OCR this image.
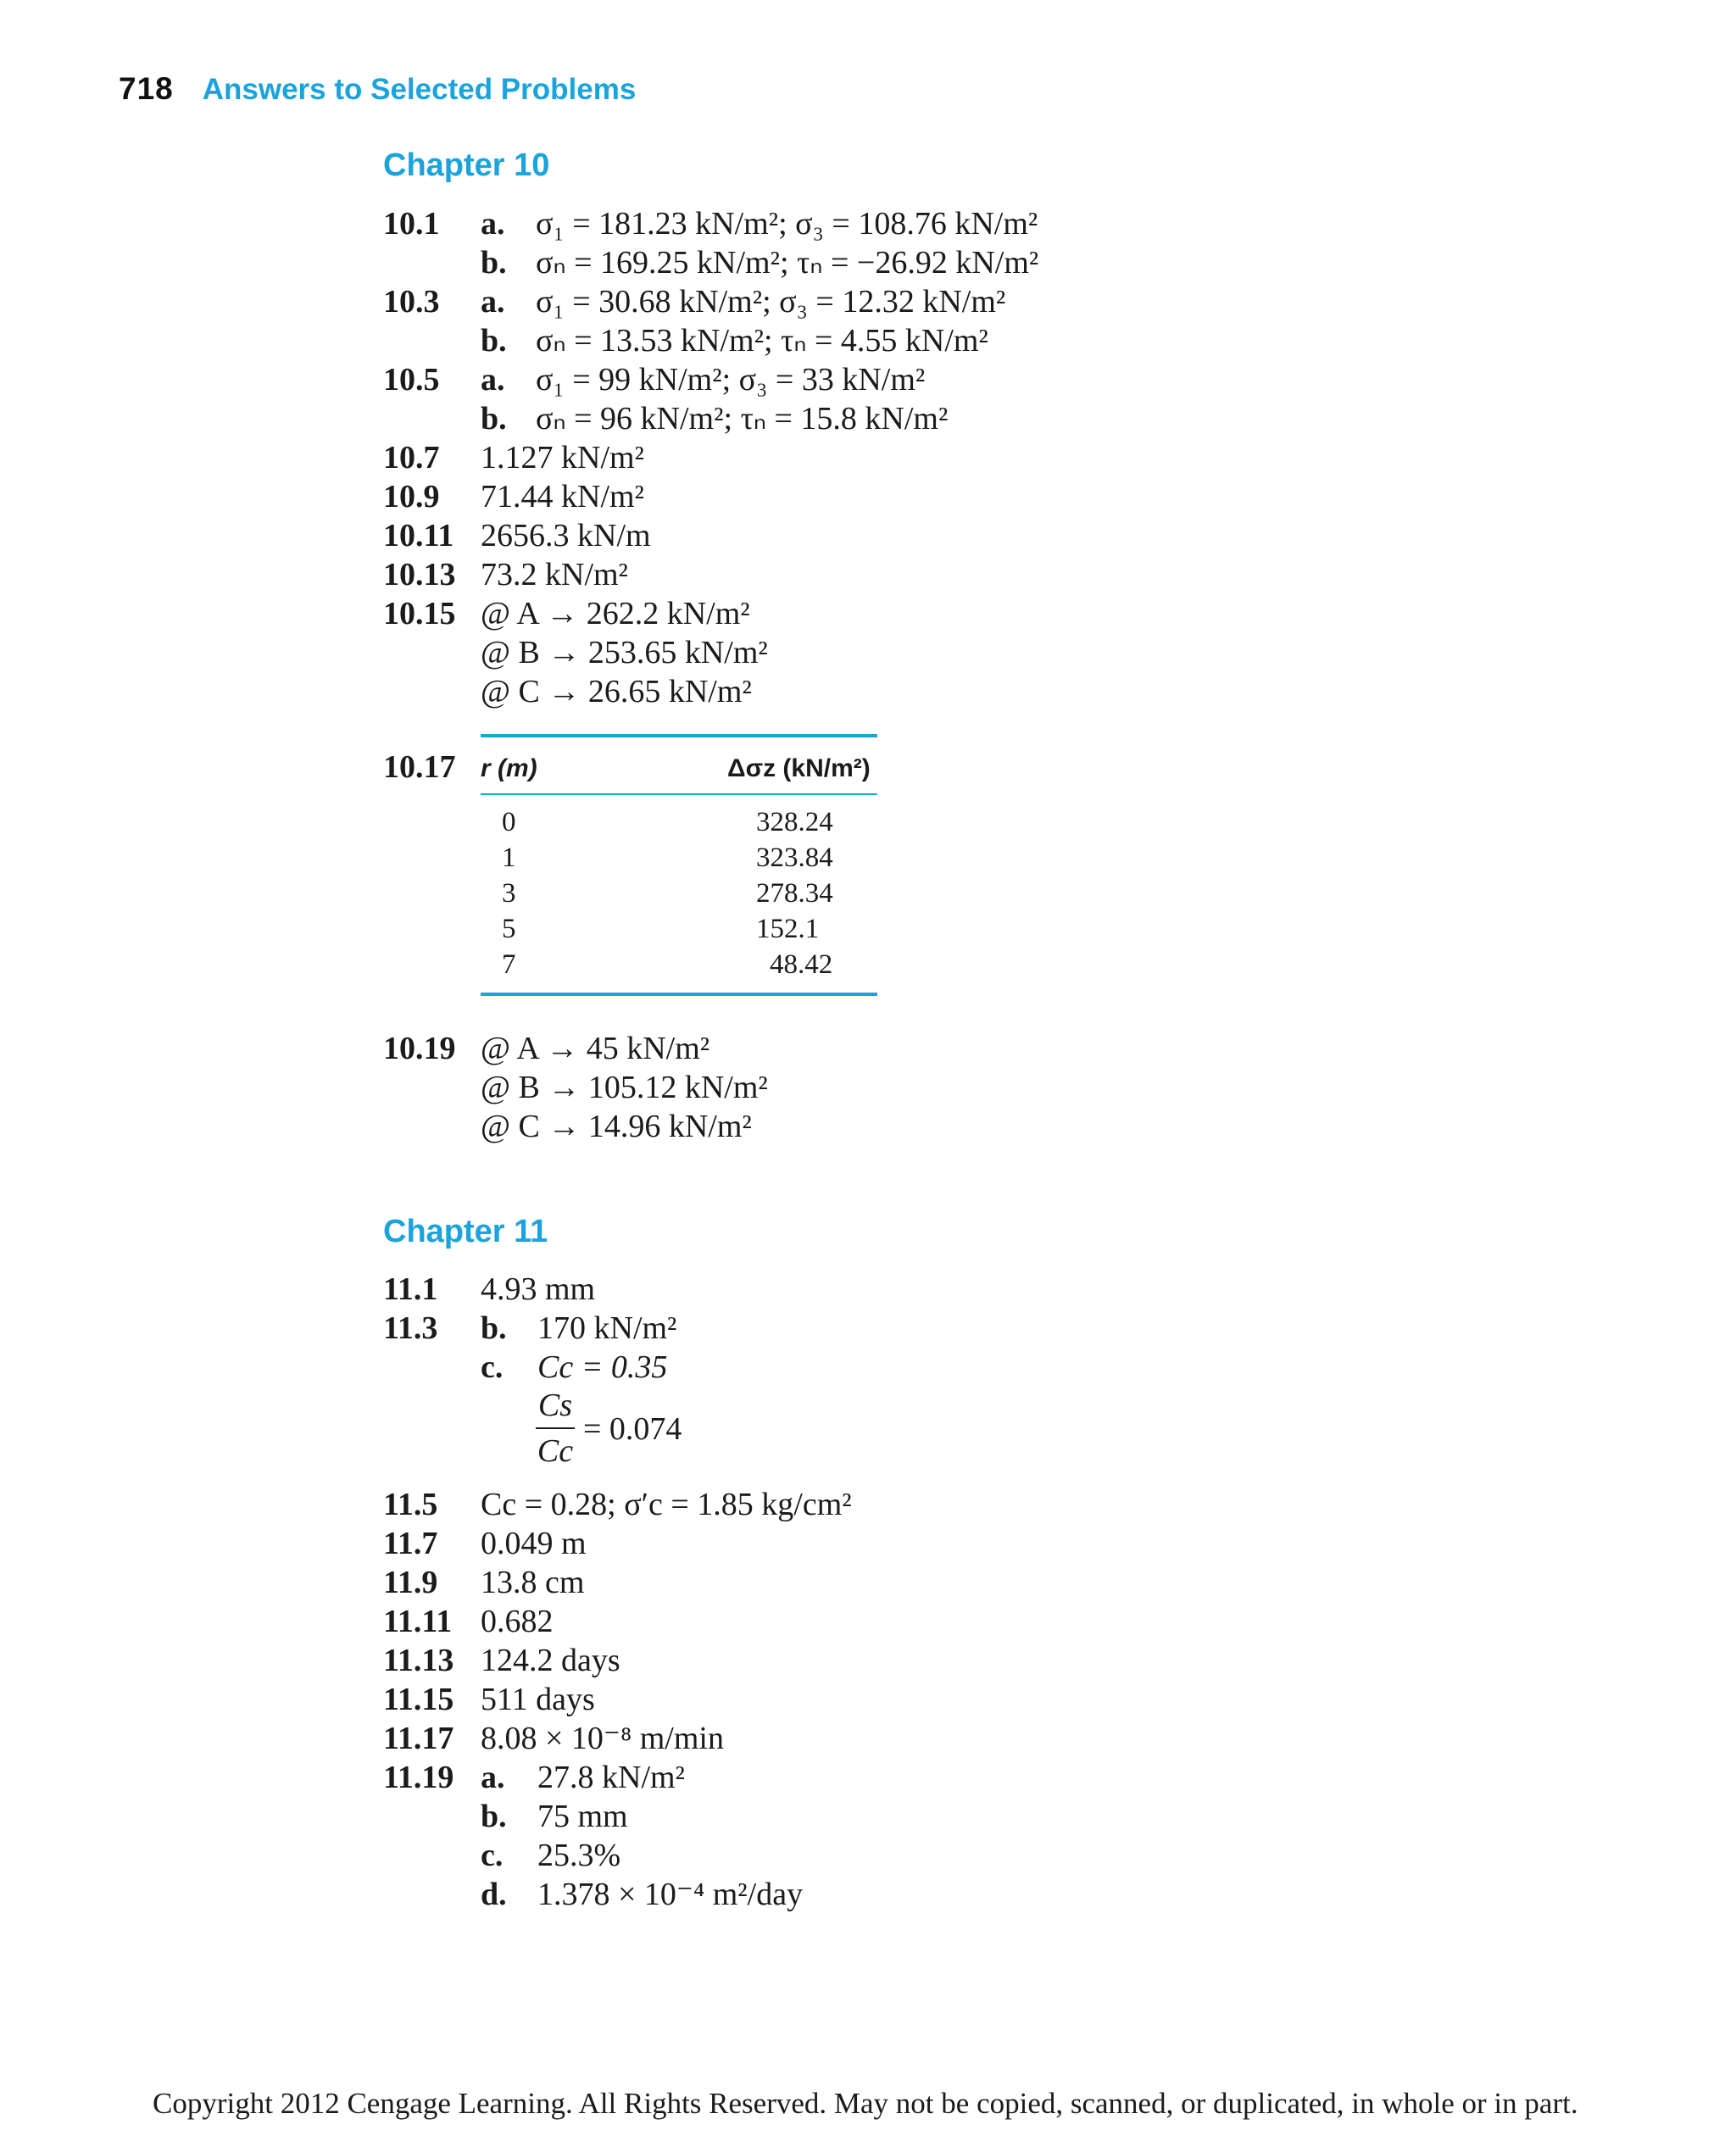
718 Answers to Selected Problems
Chapter 10
10.1 a. σ₁ = 181.23 kN/m²; σ₃ = 108.76 kN/m²
b. σₙ = 169.25 kN/m²; τₙ = −26.92 kN/m²
10.3 a. σ₁ = 30.68 kN/m²; σ₃ = 12.32 kN/m²
b. σₙ = 13.53 kN/m²; τₙ = 4.55 kN/m²
10.5 a. σ₁ = 99 kN/m²; σ₃ = 33 kN/m²
b. σₙ = 96 kN/m²; τₙ = 15.8 kN/m²
10.7 1.127 kN/m²
10.9 71.44 kN/m²
10.11 2656.3 kN/m
10.13 73.2 kN/m²
10.15 @ A → 262.2 kN/m²
@ B → 253.65 kN/m²
@ C → 26.65 kN/m²
10.17 r (m)	Δσz (kN/m²)
0	328.24
1	323.84
3	278.34
5	152.1
7	48.42
10.19 @ A → 45 kN/m²
@ B → 105.12 kN/m²
@ C → 14.96 kN/m²
Chapter 11
11.1 4.93 mm
11.3 b. 170 kN/m²
c. Cc = 0.35
Cs
Cc
= 0.074
11.5 Cc = 0.28; σ′c = 1.85 kg/cm²
11.7 0.049 m
11.9 13.8 cm
11.11 0.682
11.13 124.2 days
11.15 511 days
11.17 8.08 × 10⁻⁸ m/min
11.19 a. 27.8 kN/m²
b. 75 mm
c. 25.3%
d. 1.378 × 10⁻⁴ m²/day
Copyright 2012 Cengage Learning. All Rights Reserved. May not be copied, scanned, or duplicated, in whole or in part.
